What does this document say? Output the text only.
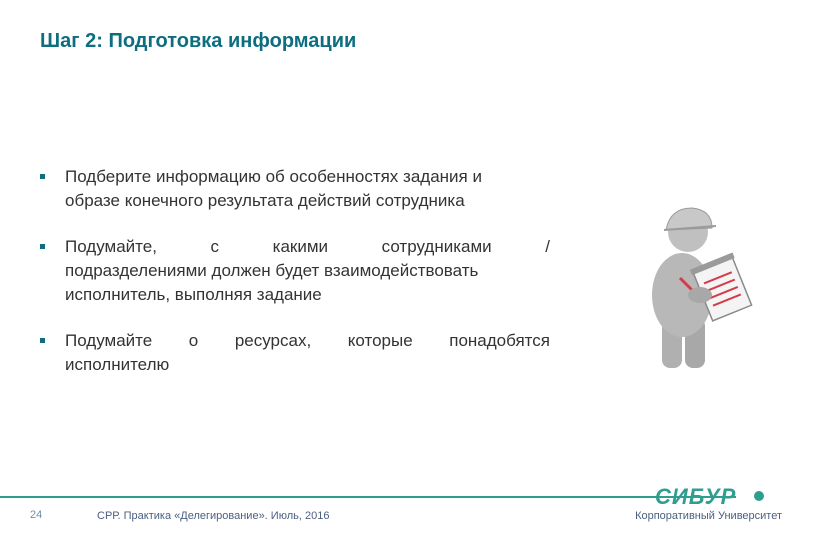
Шаг 2: Подготовка информации
Подберите информацию об особенностях задания и
образе конечного результата действий сотрудника
Подумайте, с какими сотрудниками /
подразделениями должен будет взаимодействовать
исполнитель, выполняя задание
Подумайте о ресурсах, которые понадобятся
исполнителю
СИБУР
24	СРР. Практика «Делегирование». Июль, 2016	Корпоративный Университет
